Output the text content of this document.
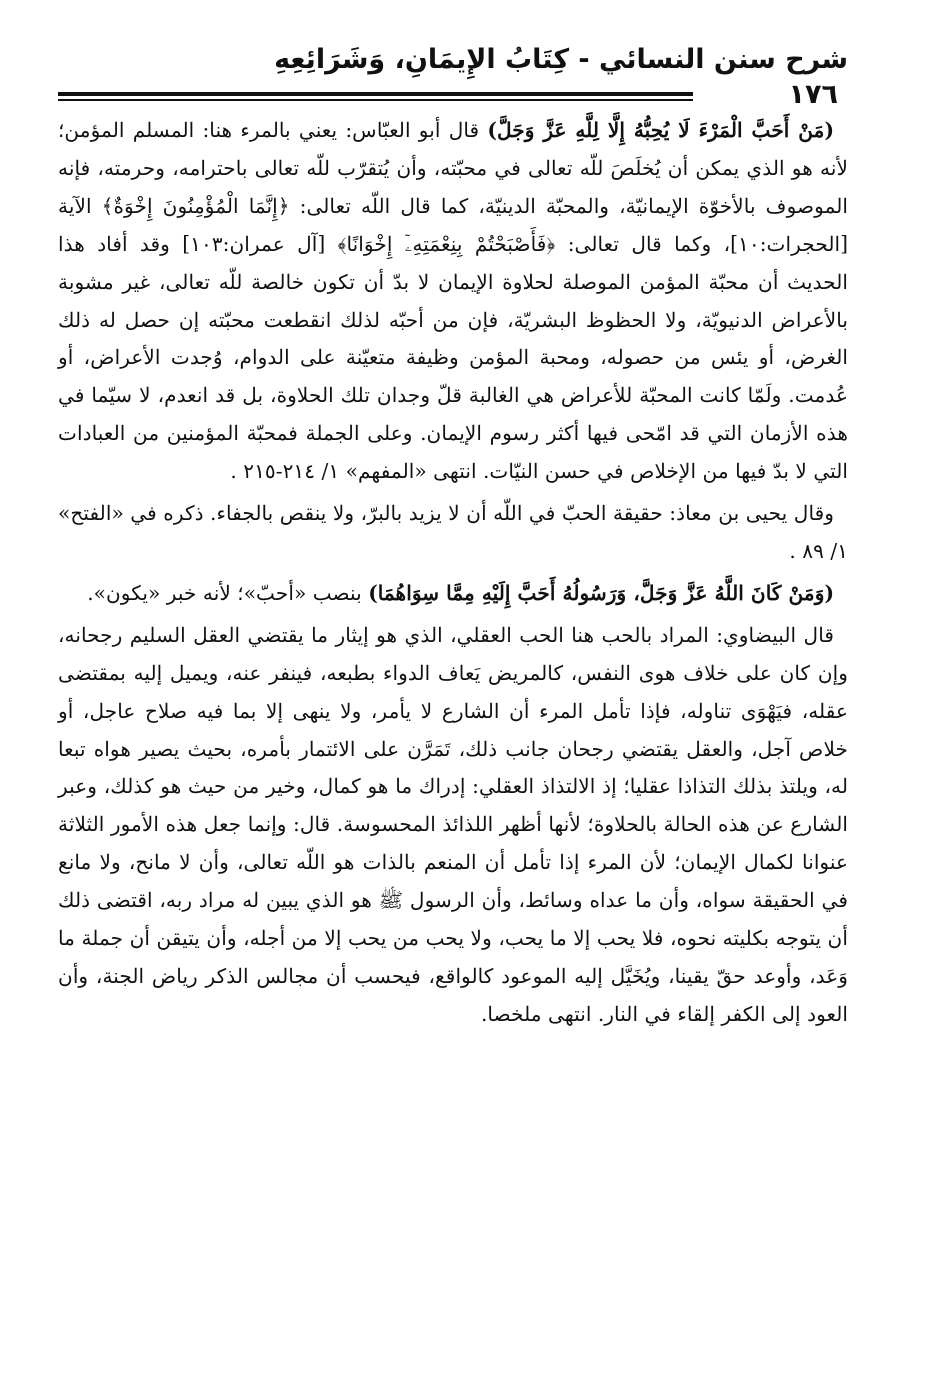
شرح سنن النسائي - كِتَابُ الإِيمَانِ، وَشَرَائِعِهِ
١٧٦

(مَنْ أَحَبَّ الْمَرْءَ لَا يُحِبُّهُ إِلَّا لِلَّهِ عَزَّ وَجَلَّ) قال أبو العبّاس: يعني بالمرء هنا: المسلم المؤمن؛ لأنه هو الذي يمكن أن يُخلَصَ للّه تعالى في محبّته، وأن يُتقرّب للّه تعالى باحترامه، وحرمته، فإنه الموصوف بالأخوّة الإيمانيّة، والمحبّة الدينيّة، كما قال اللّه تعالى: ﴿إِنَّمَا الْمُؤْمِنُونَ إِخْوَةٌ﴾ الآية [الحجرات:١٠]، وكما قال تعالى: ﴿فَأَصْبَحْتُمْ بِنِعْمَتِهِۦٓ إِخْوَانًا﴾ [آل عمران:١٠٣] وقد أفاد هذا الحديث أن محبّة المؤمن الموصلة لحلاوة الإيمان لا بدّ أن تكون خالصة للّه تعالى، غير مشوبة بالأعراض الدنيويّة، ولا الحظوظ البشريّة، فإن من أحبّه لذلك انقطعت محبّته إن حصل له ذلك الغرض، أو يئس من حصوله، ومحبة المؤمن وظيفة متعيّنة على الدوام، وُجدت الأعراض، أو عُدمت. ولَمّا كانت المحبّة للأعراض هي الغالبة قلّ وجدان تلك الحلاوة، بل قد انعدم، لا سيّما في هذه الأزمان التي قد امّحى فيها أكثر رسوم الإيمان. وعلى الجملة فمحبّة المؤمنين من العبادات التي لا بدّ فيها من الإخلاص في حسن النيّات. انتهى «المفهم» ١/ ٢١٤-٢١٥ .

وقال يحيى بن معاذ: حقيقة الحبّ في اللّه أن لا يزيد بالبرّ، ولا ينقص بالجفاء. ذكره في «الفتح» ١/ ٨٩ .

(وَمَنْ كَانَ اللَّهُ عَزَّ وَجَلَّ، وَرَسُولُهُ أَحَبَّ إِلَيْهِ مِمَّا سِوَاهُمَا) بنصب «أحبّ»؛ لأنه خبر «يكون».

قال البيضاوي: المراد بالحب هنا الحب العقلي، الذي هو إيثار ما يقتضي العقل السليم رجحانه، وإن كان على خلاف هوى النفس، كالمريض يَعاف الدواء بطبعه، فينفر عنه، ويميل إليه بمقتضى عقله، فيَهْوَى تناوله، فإذا تأمل المرء أن الشارع لا يأمر، ولا ينهى إلا بما فيه صلاح عاجل، أو خلاص آجل، والعقل يقتضي رجحان جانب ذلك، تَمَرَّن على الائتمار بأمره، بحيث يصير هواه تبعا له، ويلتذ بذلك التذاذا عقليا؛ إذ الالتذاذ العقلي: إدراك ما هو كمال، وخير من حيث هو كذلك، وعبر الشارع عن هذه الحالة بالحلاوة؛ لأنها أظهر اللذائذ المحسوسة. قال: وإنما جعل هذه الأمور الثلاثة عنوانا لكمال الإيمان؛ لأن المرء إذا تأمل أن المنعم بالذات هو اللّه تعالى، وأن لا مانح، ولا مانع في الحقيقة سواه، وأن ما عداه وسائط، وأن الرسول ﷺ هو الذي يبين له مراد ربه، اقتضى ذلك أن يتوجه بكليته نحوه، فلا يحب إلا ما يحب، ولا يحب من يحب إلا من أجله، وأن يتيقن أن جملة ما وَعَد، وأوعد حقّ يقينا، ويُخَيَّل إليه الموعود كالواقع، فيحسب أن مجالس الذكر رياض الجنة، وأن العود إلى الكفر إلقاء في النار. انتهى ملخصا.
